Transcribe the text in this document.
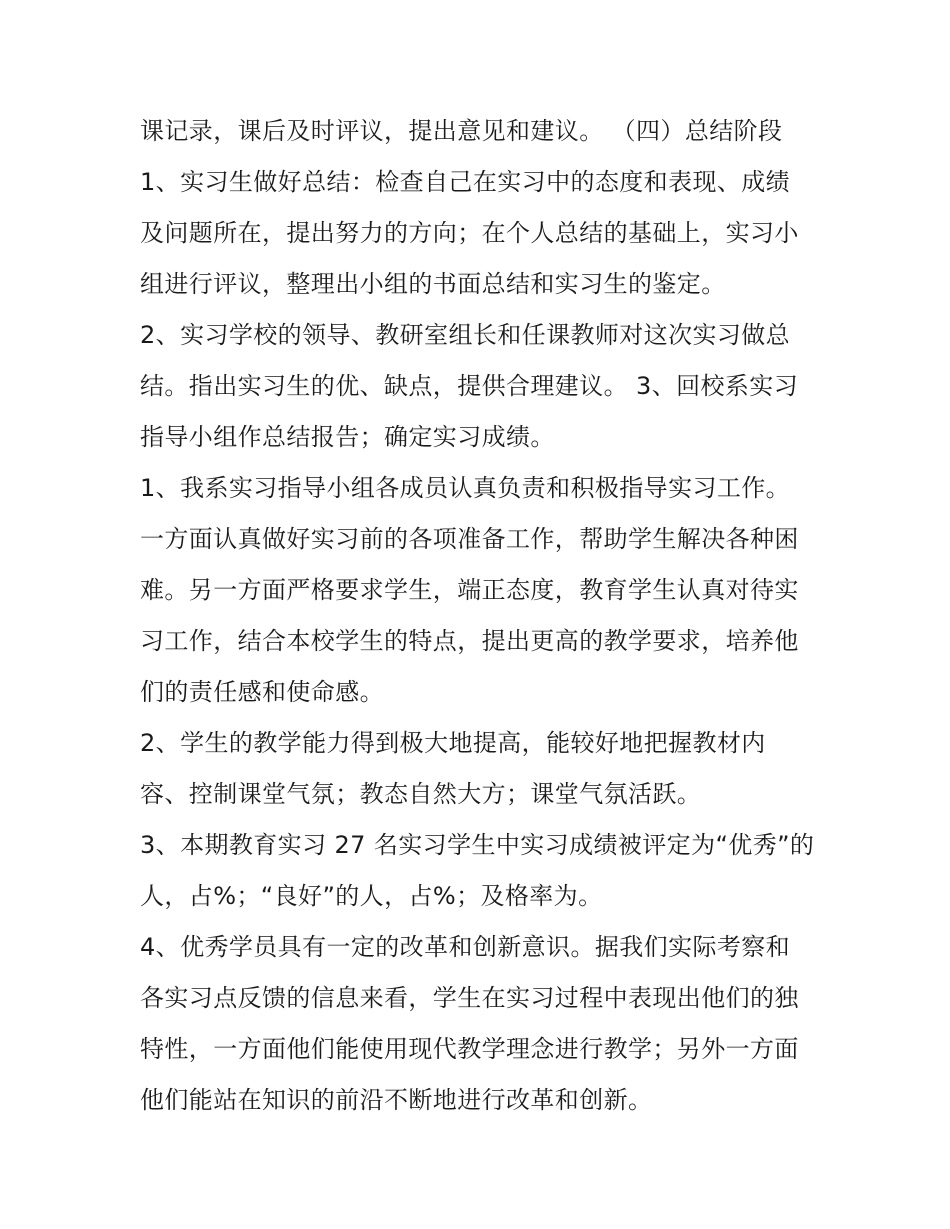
课记录，课后及时评议，提出意见和建议。 （四）总结阶段
1、实习生做好总结：检查自己在实习中的态度和表现、成绩
及问题所在，提出努力的方向；在个人总结的基础上，实习小
组进行评议，整理出小组的书面总结和实习生的鉴定。
2、实习学校的领导、教研室组长和任课教师对这次实习做总
结。指出实习生的优、缺点，提供合理建议。 3、回校系实习
指导小组作总结报告；确定实习成绩。
1、我系实习指导小组各成员认真负责和积极指导实习工作。
一方面认真做好实习前的各项准备工作，帮助学生解决各种困
难。另一方面严格要求学生，端正态度，教育学生认真对待实
习工作，结合本校学生的特点，提出更高的教学要求，培养他
们的责任感和使命感。
2、学生的教学能力得到极大地提高，能较好地把握教材内
容、控制课堂气氛；教态自然大方；课堂气氛活跃。
3、本期教育实习 27 名实习学生中实习成绩被评定为“优秀”的
人，占%；“良好”的人，占%；及格率为。
4、优秀学员具有一定的改革和创新意识。据我们实际考察和
各实习点反馈的信息来看，学生在实习过程中表现出他们的独
特性，一方面他们能使用现代教学理念进行教学；另外一方面
他们能站在知识的前沿不断地进行改革和创新。
